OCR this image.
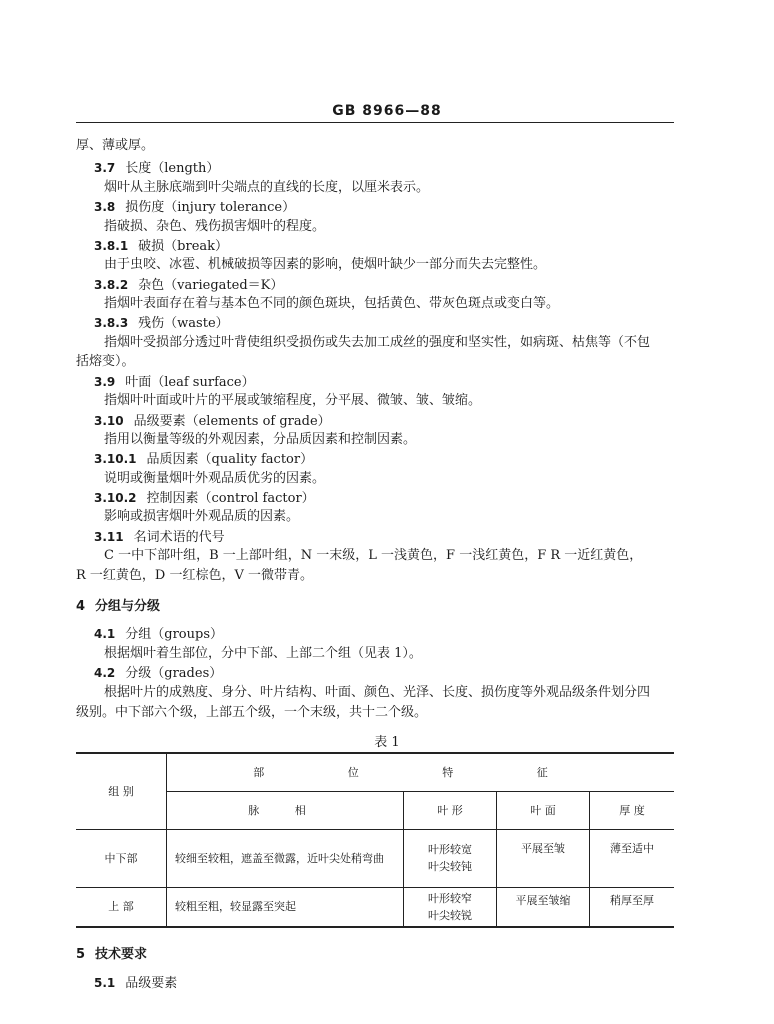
GB 8966—88
厚、薄或厚。
3.7 长度（length）
烟叶从主脉底端到叶尖端点的直线的长度，以厘米表示。
3.8 损伤度（injury tolerance）
指破损、杂色、残伤损害烟叶的程度。
3.8.1 破损（break）
由于虫咬、冰雹、机械破损等因素的影响，使烟叶缺少一部分而失去完整性。
3.8.2 杂色（variegated＝K）
指烟叶表面存在着与基本色不同的颜色斑块，包括黄色、带灰色斑点或变白等。
3.8.3 残伤（waste）
指烟叶受损部分透过叶背使组织受损伤或失去加工成丝的强度和坚实性，如病斑、枯焦等（不包
括熔变）。
3.9 叶面（leaf surface）
指烟叶叶面或叶片的平展或皱缩程度，分平展、微皱、皱、皱缩。
3.10 品级要素（elements of grade）
指用以衡量等级的外观因素，分品质因素和控制因素。
3.10.1 品质因素（quality factor）
说明或衡量烟叶外观品质优劣的因素。
3.10.2 控制因素（control factor）
影响或损害烟叶外观品质的因素。
3.11 名词术语的代号
C 一中下部叶组，B 一上部叶组，N 一末级，L 一浅黄色，F 一浅红黄色，F R 一近红黄色，
R 一红黄色，D 一红棕色，V 一微带青。
4 分组与分级
4.1 分组（groups）
根据烟叶着生部位，分中下部、上部二个组（见表 1）。
4.2 分级（grades）
根据叶片的成熟度、身分、叶片结构、叶面、颜色、光泽、长度、损伤度等外观品级条件划分四
级别。中下部六个级，上部五个级，一个末级，共十二个级。
表 1
组 别	部 位 特 征			
	脉 相	叶 形	叶 面	厚 度
中下部	较细至较粗，遮盖至微露，近叶尖处稍弯曲	叶形较宽
叶尖较钝	平展至皱	薄至适中
上 部	较粗至粗，较显露至突起	叶形较窄
叶尖较锐	平展至皱缩	稍厚至厚
5 技术要求
5.1 品级要素
